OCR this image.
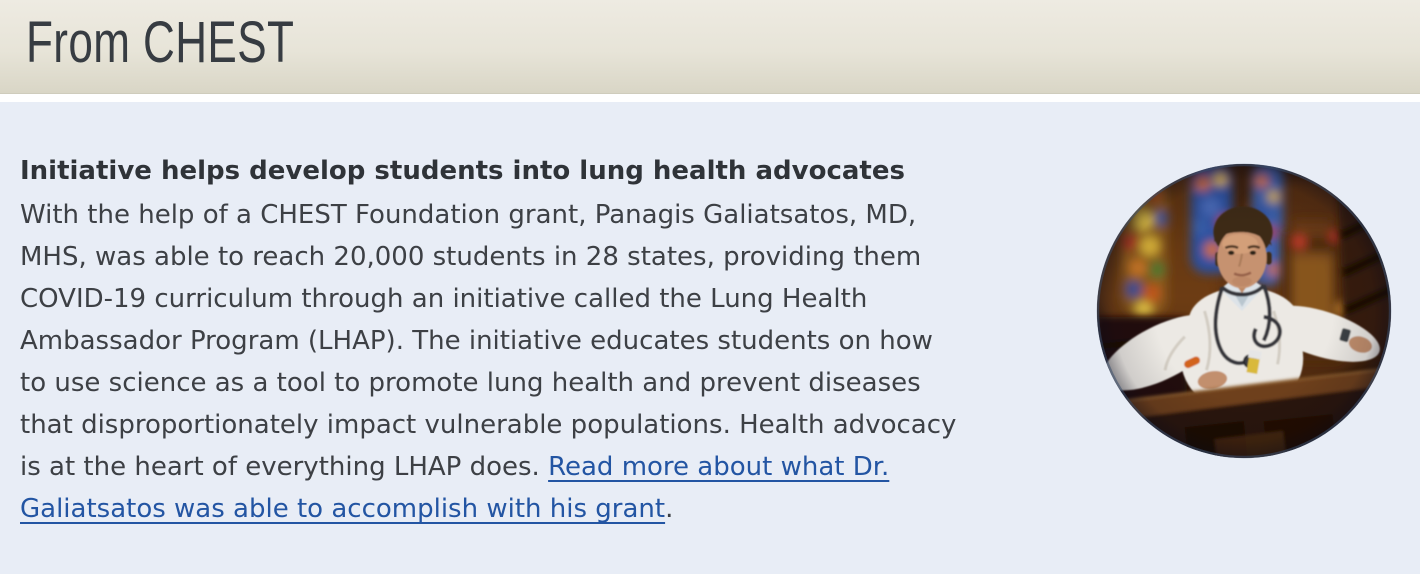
From CHEST
Initiative helps develop students into lung health advocates
With the help of a CHEST Foundation grant, Panagis Galiatsatos, MD,
MHS, was able to reach 20,000 students in 28 states, providing them
COVID-19 curriculum through an initiative called the Lung Health
Ambassador Program (LHAP). The initiative educates students on how
to use science as a tool to promote lung health and prevent diseases
that disproportionately impact vulnerable populations. Health advocacy
is at the heart of everything LHAP does. Read more about what Dr.
Galiatsatos was able to accomplish with his grant.
